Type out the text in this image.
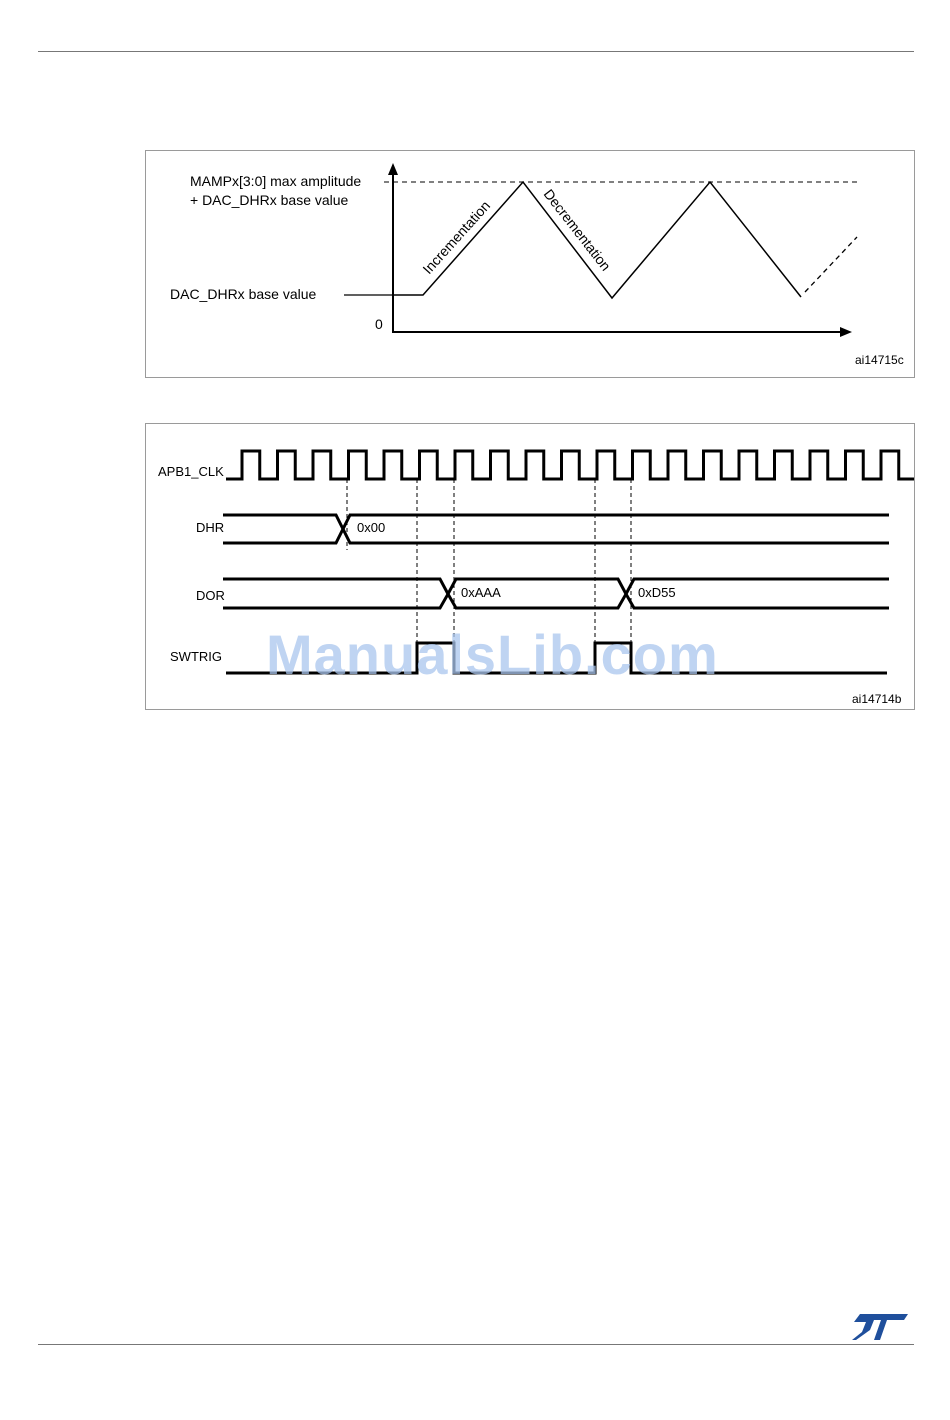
MAMPx[3:0] max amplitude
+ DAC_DHRx base value
DAC_DHRx base value
0
Incrementation	Decrementation
ai14715c
APB1_CLK
DHR
DOR
SWTRIG
0x00
0xAAA	0xD55
ai14714b
ManualsLib.com
